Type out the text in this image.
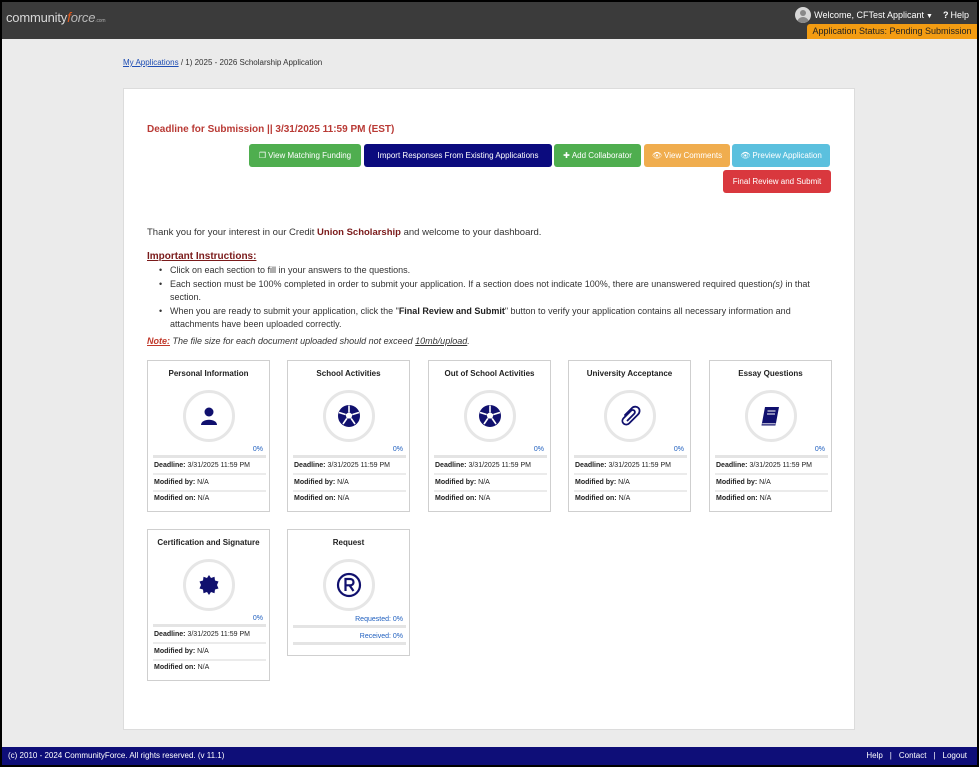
communityforce.com
Welcome, CFTest Applicant ▼ ? Help
Application Status: Pending Submission
My Applications / 1) 2025 - 2026 Scholarship Application
Deadline for Submission || 3/31/2025 11:59 PM (EST)
❐ View Matching Funding	Import Responses From Existing Applications	✚ Add Collaborator	👁 View Comments 👁 Preview Application
Final Review and Submit
Thank you for your interest in our Credit Union Scholarship and welcome to your dashboard.
Important Instructions:
• Click on each section to fill in your answers to the questions.
• Each section must be 100% completed in order to submit your application. If a section does not indicate 100%, there are unanswered required question(s) in that section.
• When you are ready to submit your application, click the "Final Review and Submit" button to verify your application contains all necessary information and attachments have been uploaded correctly.
Note: The file size for each document uploaded should not exceed 10mb/upload.
Personal Information
0%
Deadline: 3/31/2025 11:59 PM
Modified by: N/A
Modified on: N/A
School Activities
0%
Deadline: 3/31/2025 11:59 PM
Modified by: N/A
Modified on: N/A
Out of School Activities
0%
Deadline: 3/31/2025 11:59 PM
Modified by: N/A
Modified on: N/A
University Acceptance
0%
Deadline: 3/31/2025 11:59 PM
Modified by: N/A
Modified on: N/A
Essay Questions
0%
Deadline: 3/31/2025 11:59 PM
Modified by: N/A
Modified on: N/A
Certification and Signature
0%
Deadline: 3/31/2025 11:59 PM
Modified by: N/A
Modified on: N/A
Request
Requested: 0%
Received: 0%
(c) 2010 - 2024 CommunityForce. All rights reserved. (v 11.1)	Help | Contact | Logout
